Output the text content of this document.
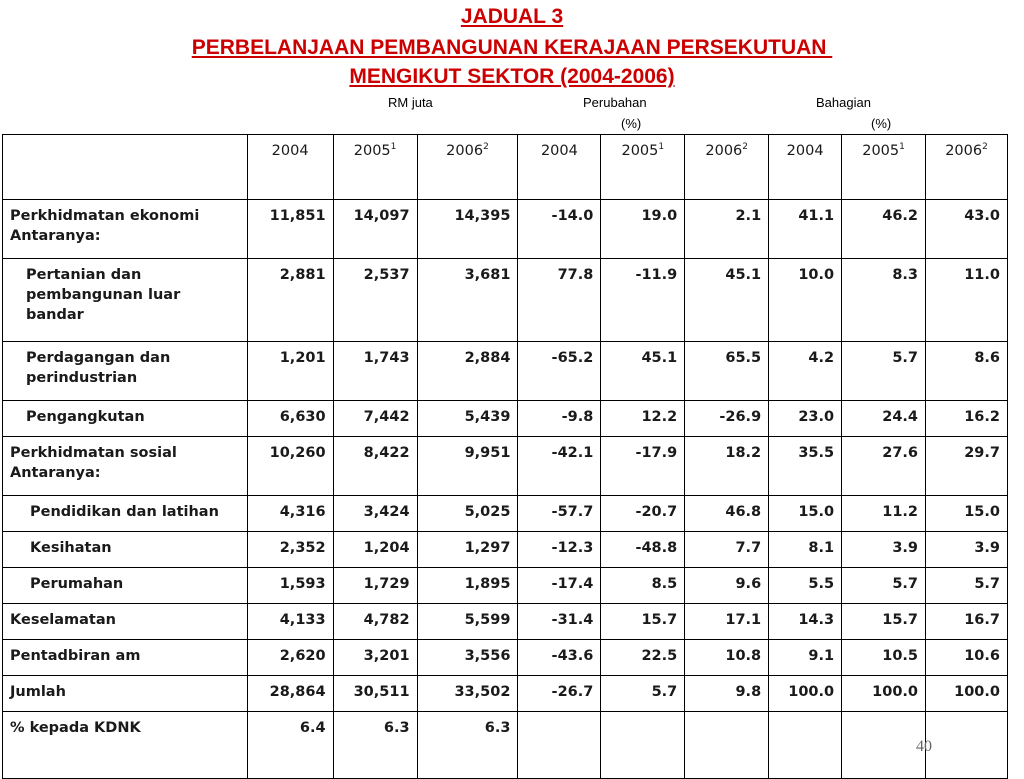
JADUAL 3
PERBELANJAAN PEMBANGUNAN KERAJAAN PERSEKUTUAN
MENGIKUT SEKTOR (2004-2006)
RM juta	Perubahan
(%)
Bahagian
(%)
	2004	2005$^1$	2006$^2$	2004	2005$^1$	2006$^2$	2004	2005$^1$	2006$^2$
Perkhidmatan ekonomi
Antaranya:	11,851	14,097	14,395	-14.0	19.0	2.1	41.1	46.2	43.0

Pertanian dan
pembangunan luar
bandar	2,881	2,537	3,681	77.8	-11.9	45.1	10.0	8.3	11.0

Perdagangan dan
perindustrian	1,201	1,743	2,884	-65.2	45.1	65.5	4.2	5.7	8.6

Pengangkutan	6,630	7,442	5,439	-9.8	12.2	-26.9	23.0	24.4	16.2
Perkhidmatan sosial
Antaranya:	10,260	8,422	9,951	-42.1	-17.9	18.2	35.5	27.6	29.7

Pendidikan dan latihan	4,316	3,424	5,025	-57.7	-20.7	46.8	15.0	11.2	15.0

Kesihatan	2,352	1,204	1,297	-12.3	-48.8	7.7	8.1	3.9	3.9

Perumahan	1,593	1,729	1,895	-17.4	8.5	9.6	5.5	5.7	5.7
Keselamatan	4,133	4,782	5,599	-31.4	15.7	17.1	14.3	15.7	16.7
Pentadbiran am	2,620	3,201	3,556	-43.6	22.5	10.8	9.1	10.5	10.6
Jumlah	28,864	30,511	33,502	-26.7	5.7	9.8	100.0	100.0	100.0
% kepada KDNK	6.4	6.3	6.3						
40
